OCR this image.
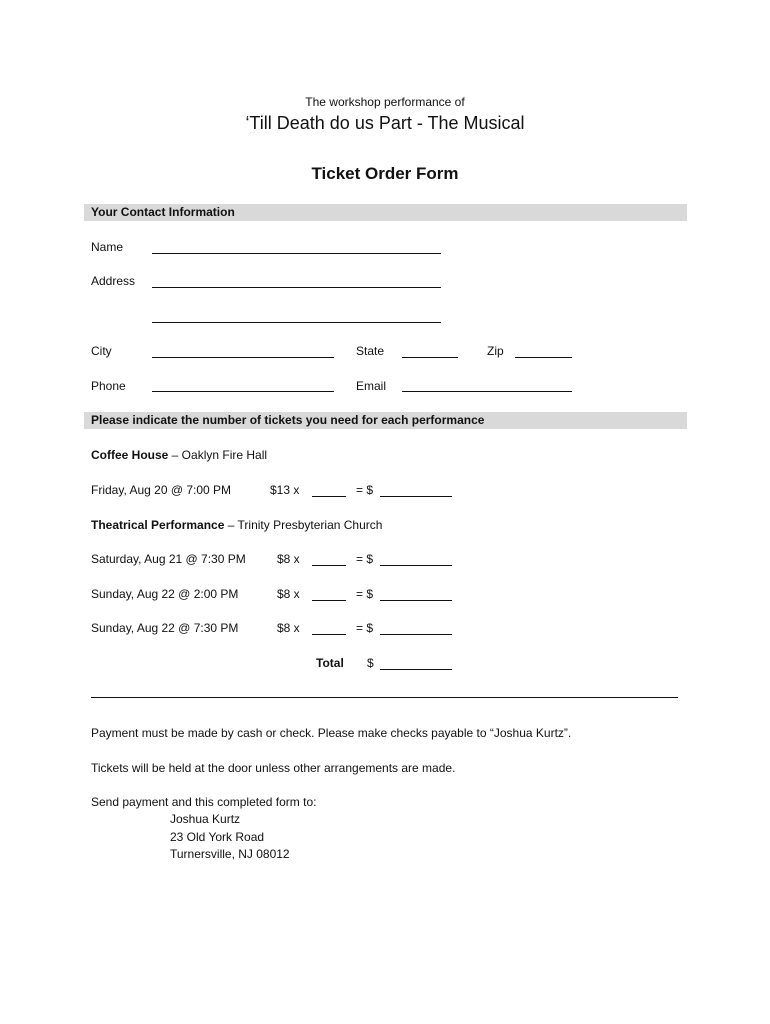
The workshop performance of
‘Till Death do us Part - The Musical
Ticket Order Form
Your Contact Information
Name
Address
City	State	Zip
Phone	Email
Please indicate the number of tickets you need for each performance
Coffee House – Oaklyn Fire Hall
Friday, Aug 20 @ 7:00 PM	$13 x	= $
Theatrical Performance – Trinity Presbyterian Church
Saturday, Aug 21 @ 7:30 PM	$8 x	= $
Sunday, Aug 22 @ 2:00 PM	$8 x	= $
Sunday, Aug 22 @ 7:30 PM	$8 x	= $
Total $
Payment must be made by cash or check. Please make checks payable to “Joshua Kurtz”.
Tickets will be held at the door unless other arrangements are made.
Send payment and this completed form to:
Joshua Kurtz
23 Old York Road
Turnersville, NJ 08012
